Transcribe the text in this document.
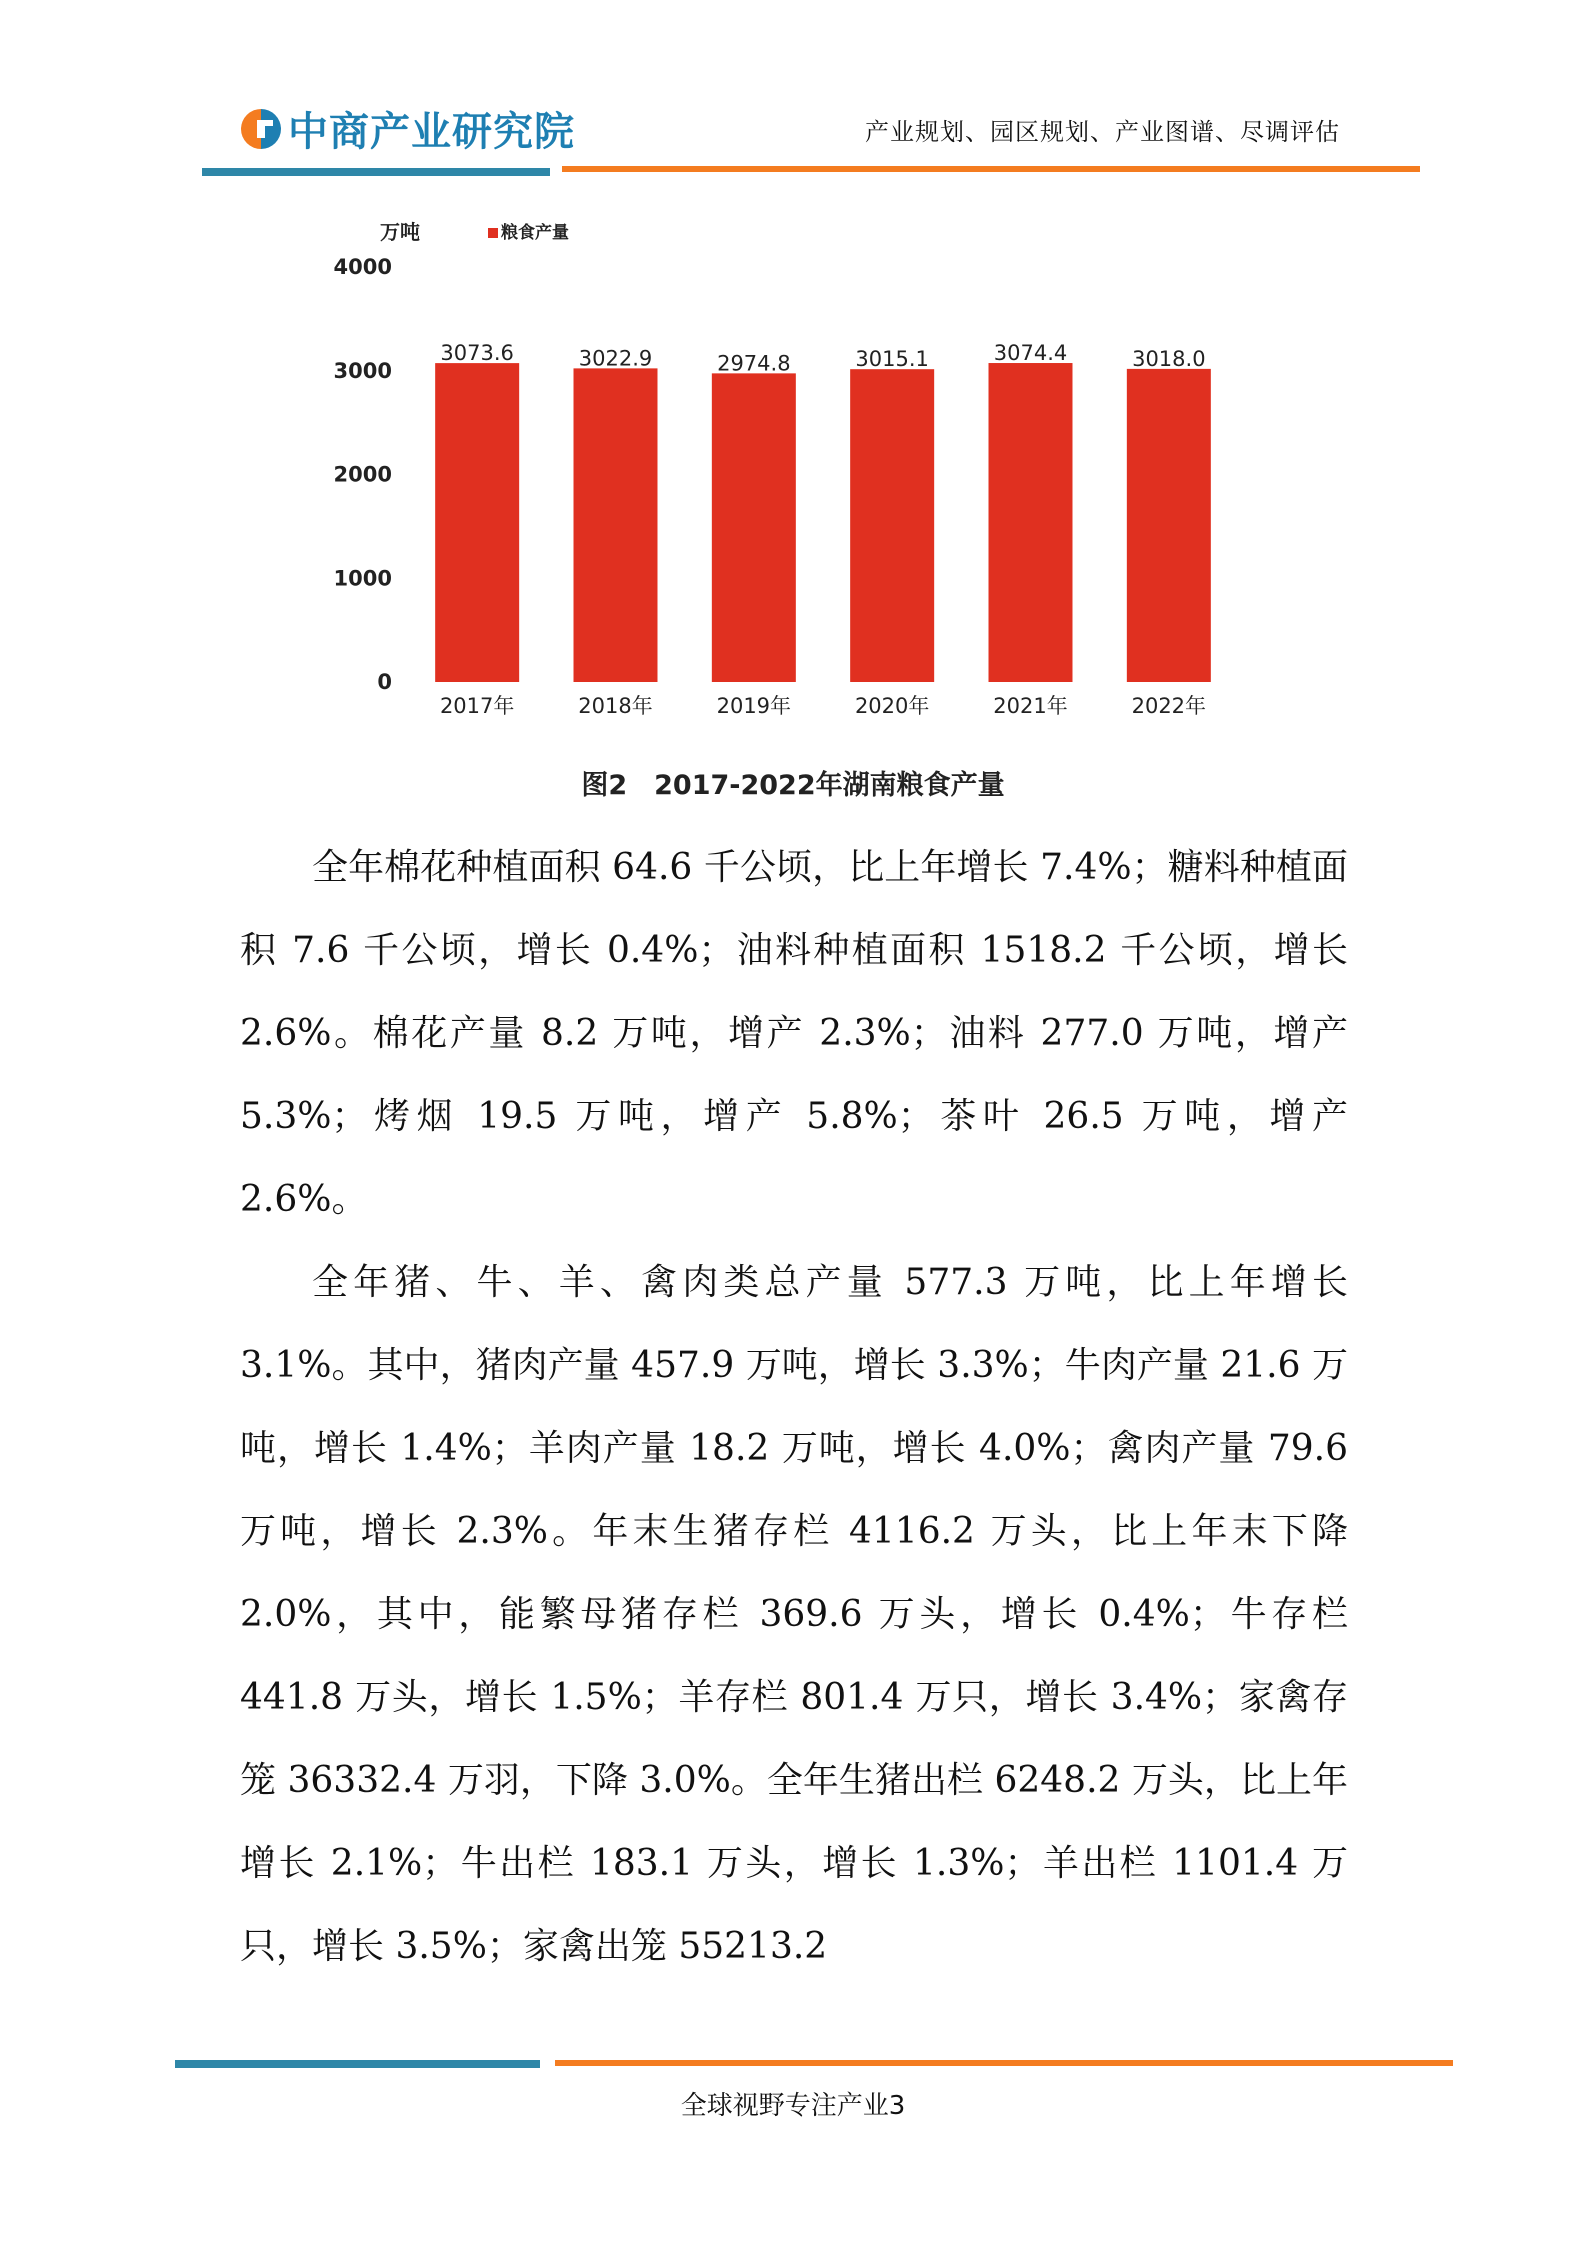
中商产业研究院	产业规划、园区规划、产业图谱、尽调评估
万吨	粮食产量
0
1000
2000
3000
4000
3073.6
2017年
3022.9
2018年
2974.8
2019年
3015.1
2020年
3074.4
2021年
3018.0
2022年
图2　2017-2022年湖南粮食产量

全年棉花种植面积 64.6 千公顷，比上年增长 7.4%；糖料种植面积 7.6 千公顷，增长 0.4%；油料种植面积 1518.2 千公顷，增长 2.6%。棉花产量 8.2 万吨，增产 2.3%；油料 277.0 万吨，增产 5.3%；烤烟 19.5 万吨，增产 5.8%；茶叶 26.5 万吨，增产 2.6%。

全年猪、牛、羊、禽肉类总产量 577.3 万吨，比上年增长 3.1%。其中，猪肉产量 457.9 万吨，增长 3.3%；牛肉产量 21.6 万吨，增长 1.4%；羊肉产量 18.2 万吨，增长 4.0%；禽肉产量 79.6 万吨，增长 2.3%。年末生猪存栏 4116.2 万头，比上年末下降 2.0%，其中，能繁母猪存栏 369.6 万头，增长 0.4%；牛存栏 441.8 万头，增长 1.5%；羊存栏 801.4 万只，增长 3.4%；家禽存笼 36332.4 万羽，下降 3.0%。全年生猪出栏 6248.2 万头，比上年增长 2.1%；牛出栏 183.1 万头，增长 1.3%；羊出栏 1101.4 万只，增长 3.5%；家禽出笼 55213.2

全球视野专注产业3
